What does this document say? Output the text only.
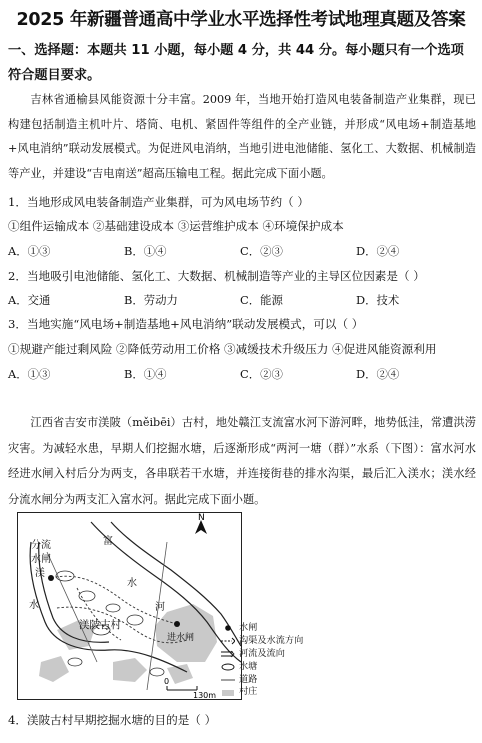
2025 年新疆普通高中学业水平选择性考试地理真题及答案
一、选择题：本题共 11 小题，每小题 4 分，共 44 分。每小题只有一个选项符合题目要求。
吉林省通榆县风能资源十分丰富。2009 年，当地开始打造风电装备制造产业集群，现已构建包括制造主机叶片、塔筒、电机、紧固件等组件的全产业链，并形成“风电场+制造基地+风电消纳”联动发展模式。为促进风电消纳，当地引进电池储能、氢化工、大数据、机械制造等产业，并建设“吉电南送”超高压输电工程。据此完成下面小题。
1．当地形成风电装备制造产业集群，可为风电场节约（ ）
①组件运输成本 ②基础建设成本 ③运营维护成本 ④环境保护成本
A．①③	B．①④	C．②③	D．②④
2．当地吸引电池储能、氢化工、大数据、机械制造等产业的主导区位因素是（ ）
A．交通	B．劳动力	C．能源	D．技术
3．当地实施“风电场+制造基地+风电消纳”联动发展模式，可以（ ）
①规避产能过剩风险 ②降低劳动用工价格 ③减缓技术升级压力 ④促进风能资源利用
A．①③	B．①④	C．②③	D．②④
江西省吉安市渼陂（měibēi）古村，地处赣江支流富水河下游河畔，地势低洼，常遭洪涝灾害。为减轻水患，早期人们挖掘水塘，后逐渐形成“两河一塘（群）”水系（下图）：富水河水经进水闸入村后分为两支，各串联若干水塘，并连接街巷的排水沟渠，最后汇入渼水；渼水经分流水闸分为两支汇入富水河。据此完成下面小题。
N
分流
水闸
渼
水
富
水
河
进水闸
渼陂古村
0
130m
水闸
沟渠及水流方向
河流及流向
水塘
道路
村庄
4．渼陂古村早期挖掘水塘的目的是（ ）
